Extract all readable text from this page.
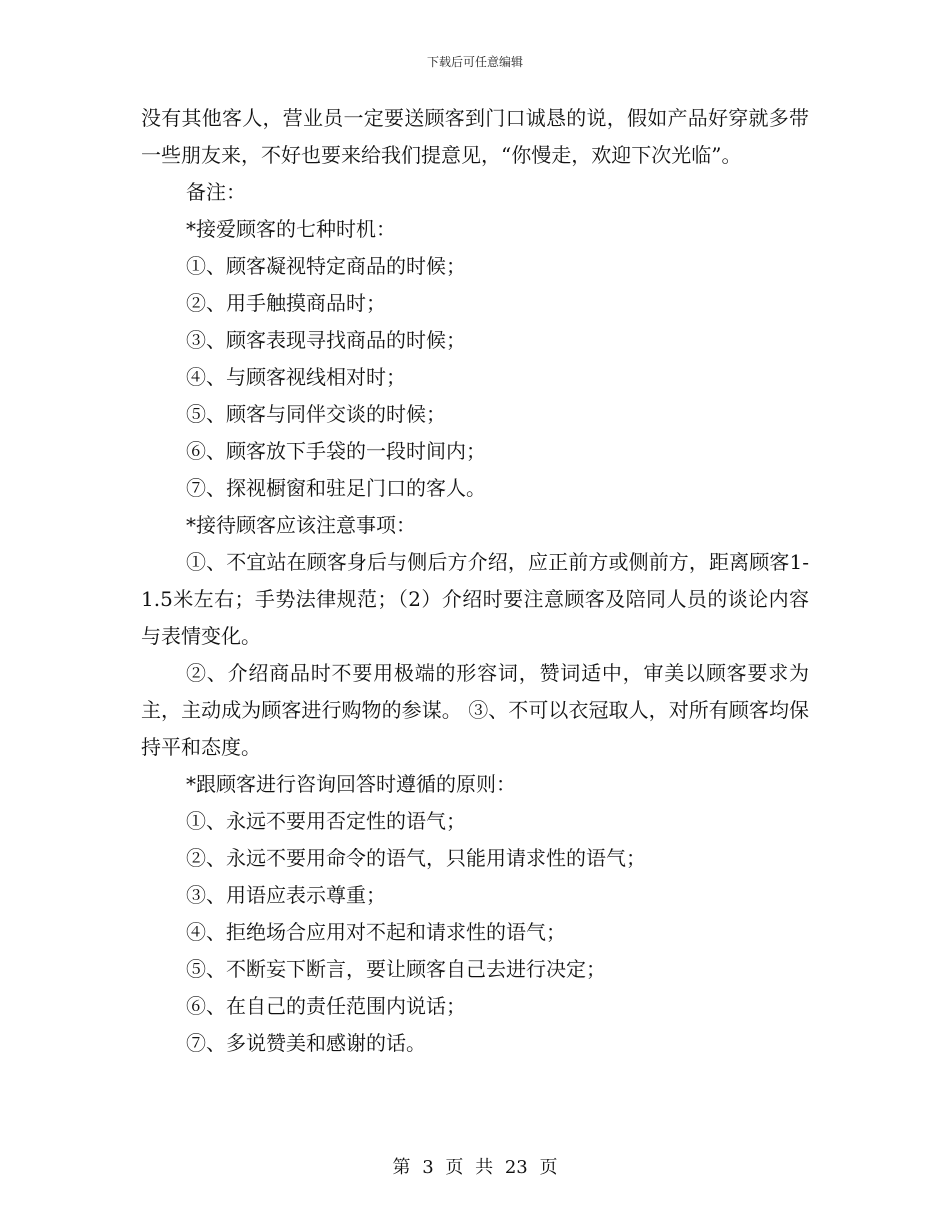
下载后可任意编辑

没有其他客人，营业员一定要送顾客到门口诚恳的说，假如产品好穿就多带一些朋友来，不好也要来给我们提意见，“你慢走，欢迎下次光临”。

备注：

*接爱顾客的七种时机：

①、顾客凝视特定商品的时候；

②、用手触摸商品时；

③、顾客表现寻找商品的时候；

④、与顾客视线相对时；

⑤、顾客与同伴交谈的时候；

⑥、顾客放下手袋的一段时间内；

⑦、探视橱窗和驻足门口的客人。

*接待顾客应该注意事项：

①、不宜站在顾客身后与侧后方介绍，应正前方或侧前方，距离顾客1-1.5米左右；手势法律规范；（2）介绍时要注意顾客及陪同人员的谈论内容与表情变化。

②、介绍商品时不要用极端的形容词，赞词适中，审美以顾客要求为主，主动成为顾客进行购物的参谋。 ③、不可以衣冠取人，对所有顾客均保持平和态度。

*跟顾客进行咨询回答时遵循的原则：

①、永远不要用否定性的语气；

②、永远不要用命令的语气，只能用请求性的语气；

③、用语应表示尊重；

④、拒绝场合应用对不起和请求性的语气；

⑤、不断妄下断言，要让顾客自己去进行决定；

⑥、在自己的责任范围内说话；

⑦、多说赞美和感谢的话。

第 3 页 共 23 页
